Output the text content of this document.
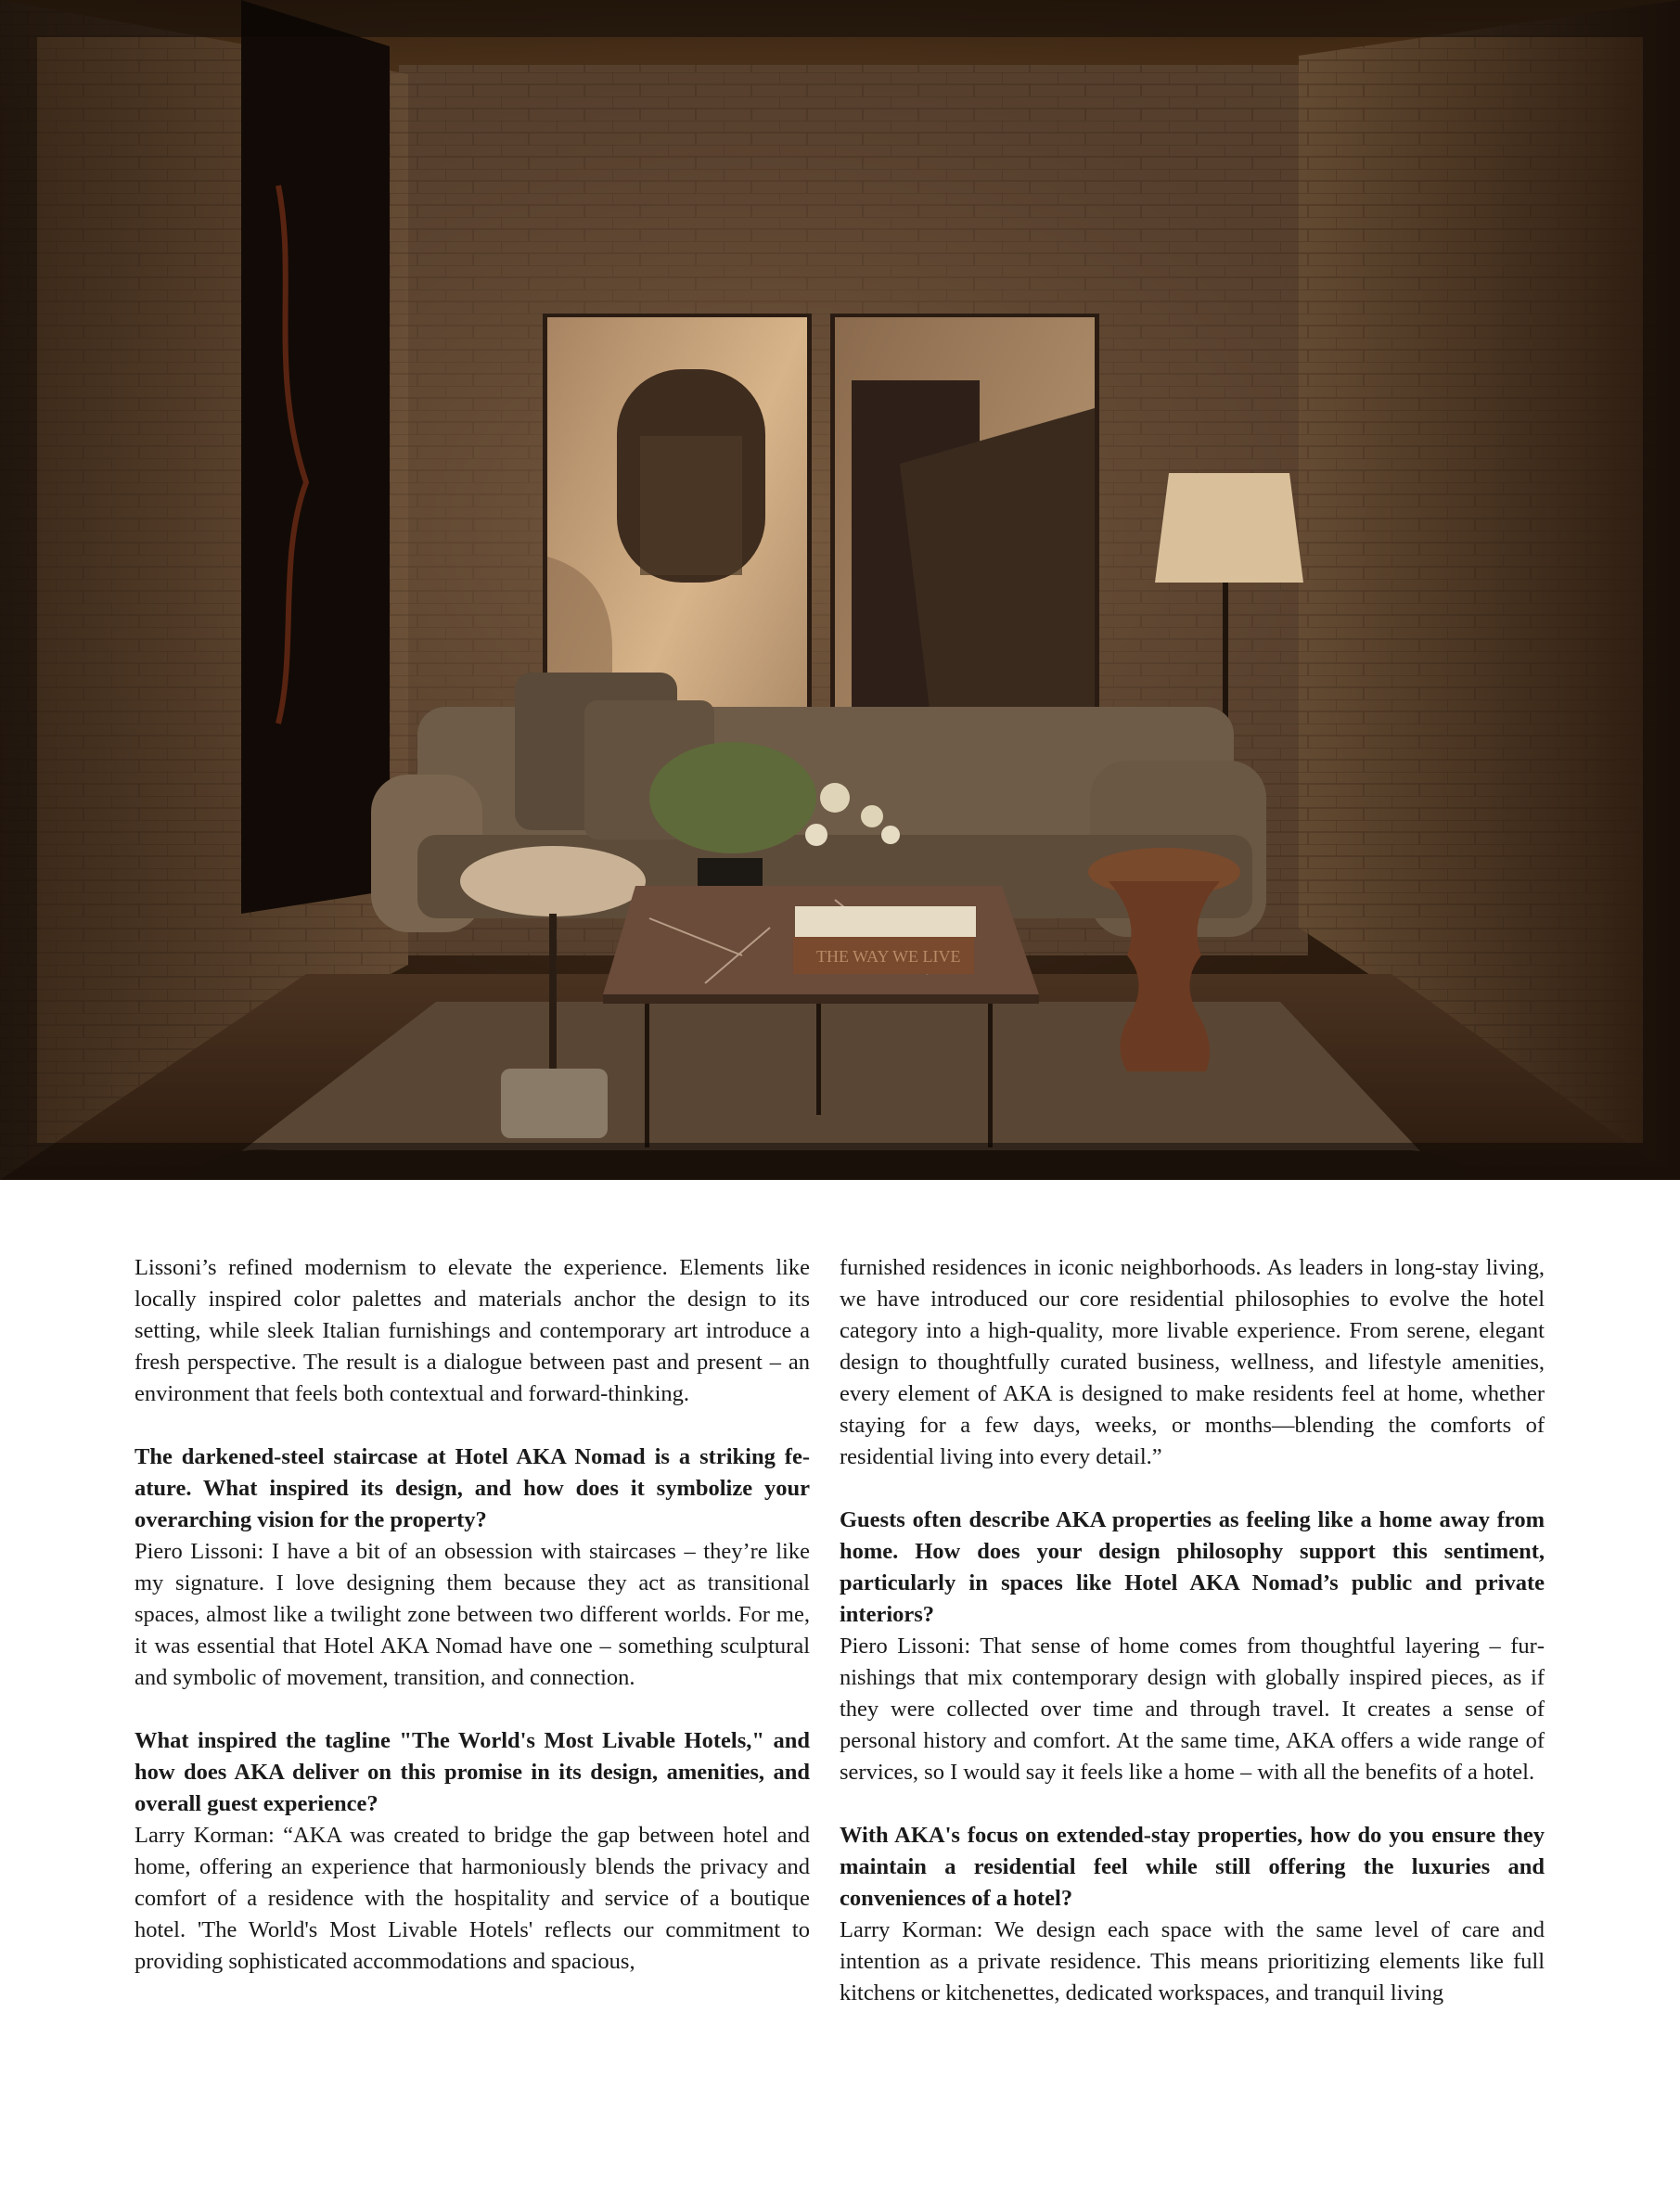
THE WAY WE LIVE

Lissoni’s refined modernism to elevate the experience. Elements like locally inspired color palettes and materials anchor the design to its setting, while sleek Italian furnishings and contemporary art introduce a fresh perspective. The result is a dialogue between past and present – an environment that feels both contextual and forward-thinking.

The darkened-steel staircase at Hotel AKA Nomad is a striking feature. What inspired its design, and how does it symbolize your overarching vision for the property?

Piero Lissoni: I have a bit of an obsession with staircases – they’re like my signature. I love designing them because they act as transitional spaces, almost like a twilight zone between two different worlds. For me, it was essential that Hotel AKA Nomad have one – something sculptural and symbolic of movement, transition, and connection.

What inspired the tagline "The World's Most Livable Hotels," and how does AKA deliver on this promise in its design, amenities, and overall guest experience?

Larry Korman: “AKA was created to bridge the gap between hotel and home, offering an experience that harmoniously blends the privacy and comfort of a residence with the hospitality and service of a boutique hotel. 'The World's Most Livable Hotels' reflects our commitment to providing sophisticated accommodations and spacious,

furnished residences in iconic neighborhoods. As leaders in long-stay living, we have introduced our core residential philosophies to evolve the hotel category into a high-quality, more livable experience. From serene, elegant design to thoughtfully curated business, wellness, and lifestyle amenities, every element of AKA is designed to make residents feel at home, whether staying for a few days, weeks, or months—blending the comforts of residential living into every detail.”

Guests often describe AKA properties as feeling like a home away from home. How does your design philosophy support this sentiment, particularly in spaces like Hotel AKA Nomad’s public and private interiors?

Piero Lissoni: That sense of home comes from thoughtful layering – furnishings that mix contemporary design with globally inspired pieces, as if they were collected over time and through travel. It creates a sense of personal history and comfort. At the same time, AKA offers a wide range of services, so I would say it feels like a home – with all the benefits of a hotel.

With AKA's focus on extended-stay properties, how do you ensure they maintain a residential feel while still offering the luxuries and conveniences of a hotel?

Larry Korman: We design each space with the same level of care and intention as a private residence. This means prioritizing elements like full kitchens or kitchenettes, dedicated workspaces, and tranquil living
